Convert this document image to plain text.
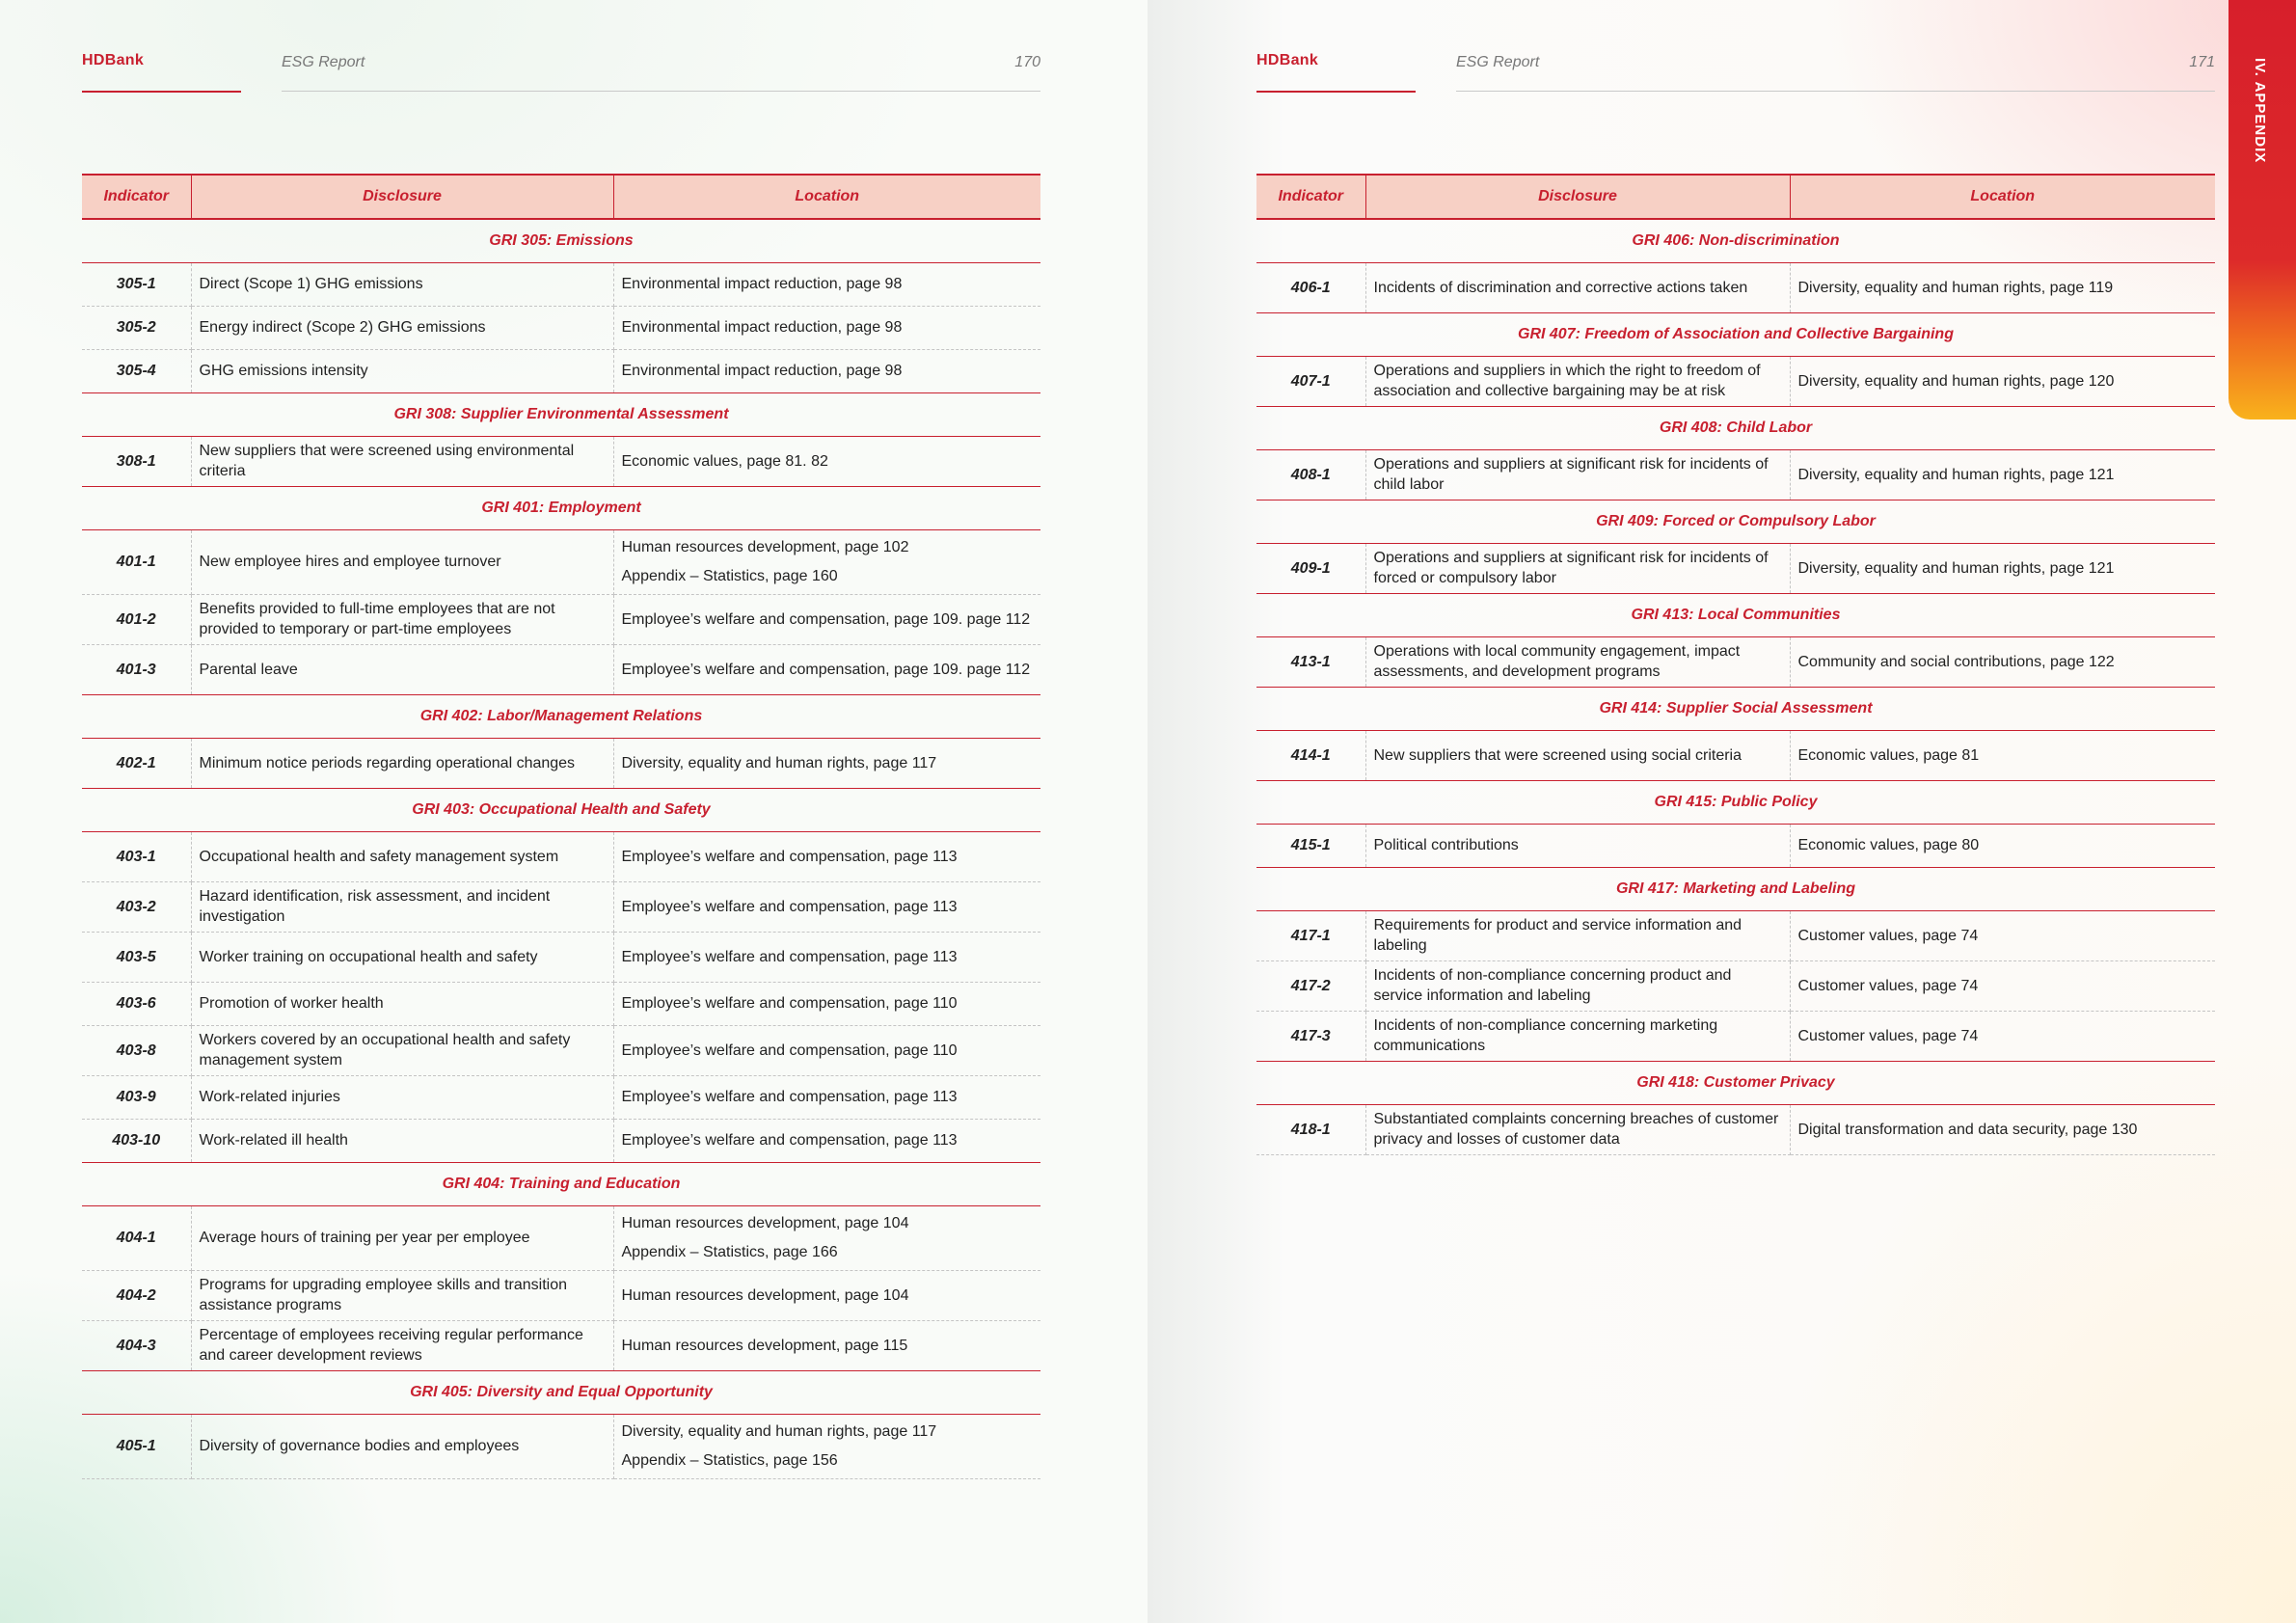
HDBank	ESG Report	170
Indicator	Disclosure	Location
GRI 305: Emissions		
305-1	Direct (Scope 1) GHG emissions	Environmental impact reduction, page 98
305-2	Energy indirect (Scope 2) GHG emissions	Environmental impact reduction, page 98
305-4	GHG emissions intensity	Environmental impact reduction, page 98
GRI 308: Supplier Environmental Assessment		
308-1	New suppliers that were screened using environmental criteria	Economic values, page 81. 82
GRI 401: Employment		
401-1	New employee hires and employee turnover	Human resources development, page 102
Appendix – Statistics, page 160

401-2	Benefits provided to full-time employees that are not provided to temporary or part-time employees	Employee’s welfare and compensation, page 109. page 112
401-3	Parental leave	Employee’s welfare and compensation, page 109. page 112
GRI 402: Labor/Management Relations		
402-1	Minimum notice periods regarding operational changes	Diversity, equality and human rights, page 117
GRI 403: Occupational Health and Safety		
403-1	Occupational health and safety management system	Employee’s welfare and compensation, page 113
403-2	Hazard identification, risk assessment, and incident investigation	Employee’s welfare and compensation, page 113
403-5	Worker training on occupational health and safety	Employee’s welfare and compensation, page 113
403-6	Promotion of worker health	Employee’s welfare and compensation, page 110
403-8	Workers covered by an occupational health and safety management system	Employee’s welfare and compensation, page 110
403-9	Work-related injuries	Employee’s welfare and compensation, page 113
403-10	Work-related ill health	Employee’s welfare and compensation, page 113
GRI 404: Training and Education		
404-1	Average hours of training per year per employee	Human resources development, page 104
Appendix – Statistics, page 166

404-2	Programs for upgrading employee skills and transition assistance programs	Human resources development, page 104
404-3	Percentage of employees receiving regular performance and career development reviews	Human resources development, page 115
GRI 405: Diversity and Equal Opportunity		
405-1	Diversity of governance bodies and employees	Diversity, equality and human rights, page 117
Appendix – Statistics, page 156
HDBank	ESG Report	171
Indicator	Disclosure	Location
GRI 406: Non-discrimination		
406-1	Incidents of discrimination and corrective actions taken	Diversity, equality and human rights, page 119
GRI 407: Freedom of Association and Collective Bargaining		
407-1	Operations and suppliers in which the right to freedom of association and collective bargaining may be at risk	Diversity, equality and human rights, page 120
GRI 408: Child Labor		
408-1	Operations and suppliers at significant risk for incidents of child labor	Diversity, equality and human rights, page 121
GRI 409: Forced or Compulsory Labor		
409-1	Operations and suppliers at significant risk for incidents of forced or compulsory labor	Diversity, equality and human rights, page 121
GRI 413: Local Communities		
413-1	Operations with local community engagement, impact assessments, and development programs	Community and social contributions, page 122
GRI 414: Supplier Social Assessment		
414-1	New suppliers that were screened using social criteria	Economic values, page 81
GRI 415: Public Policy		
415-1	Political contributions	Economic values, page 80
GRI 417: Marketing and Labeling		
417-1	Requirements for product and service information and labeling	Customer values, page 74
417-2	Incidents of non-compliance concerning product and service information and labeling	Customer values, page 74
417-3	Incidents of non-compliance concerning marketing communications	Customer values, page 74
GRI 418: Customer Privacy		
418-1	Substantiated complaints concerning breaches of customer privacy and losses of customer data	Digital transformation and data security, page 130
IV. APPENDIX
